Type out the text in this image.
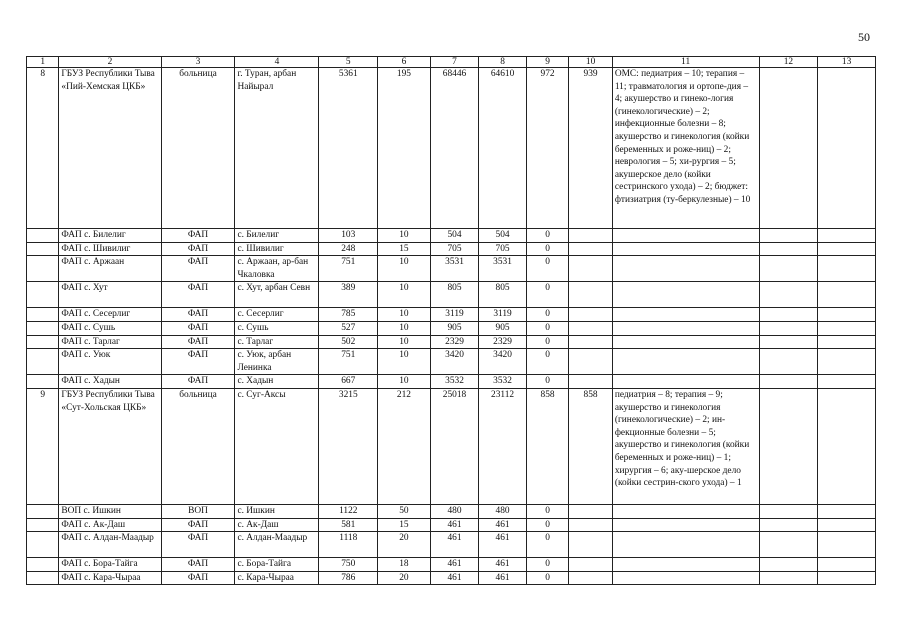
50
1	2	3	4	5	6	7	8	9	10	11	12	13
8	ГБУЗ Республики Тыва «Пий-Хемская ЦКБ»	больница	г. Туран, арбан Найырал	5361	195	68446	64610	972	939	ОМС: педиатрия – 10; терапия – 11; травматология и ортопе-дия – 4; акушерство и гинеко-логия (гинекологические) – 2; инфекционные болезни – 8; акушерство и гинекология (койки беременных и роже-ниц) – 2; неврология – 5; хи-рургия – 5; акушерское дело (койки сестринского ухода) – 2; бюджет: фтизиатрия (ту-беркулезные) – 10		
	ФАП с. Билелиг	ФАП	с. Билелиг	103	10	504	504	0				
	ФАП с. Шивилиг	ФАП	с. Шивилиг	248	15	705	705	0				
	ФАП с. Аржаан	ФАП	с. Аржаан, ар-бан Чкаловка	751	10	3531	3531	0				
	ФАП с. Хут	ФАП	с. Хут, арбан Севн	389	10	805	805	0				
	ФАП с. Сесерлиг	ФАП	с. Сесерлиг	785	10	3119	3119	0				
	ФАП с. Сушь	ФАП	с. Сушь	527	10	905	905	0				
	ФАП с. Тарлаг	ФАП	с. Тарлаг	502	10	2329	2329	0				
	ФАП с. Уюк	ФАП	с. Уюк, арбан Ленинка	751	10	3420	3420	0				
	ФАП с. Хадын	ФАП	с. Хадын	667	10	3532	3532	0				
9	ГБУЗ Республики Тыва «Сут-Хольская ЦКБ»	больница	с. Суг-Аксы	3215	212	25018	23112	858	858	педиатрия – 8; терапия – 9; акушерство и гинекология (гинекологические) – 2; ин-фекционные болезни – 5; акушерство и гинекология (койки беременных и роже-ниц) – 1; хирургия – 6; аку-шерское дело (койки сестрин-ского ухода) – 1		
	ВОП с. Ишкин	ВОП	с. Ишкин	1122	50	480	480	0				
	ФАП с. Ак-Даш	ФАП	с. Ак-Даш	581	15	461	461	0				
	ФАП с. Алдан-Маадыр	ФАП	с. Алдан-Маадыр	1118	20	461	461	0				
	ФАП с. Бора-Тайга	ФАП	с. Бора-Тайга	750	18	461	461	0				
	ФАП с. Кара-Чыраа	ФАП	с. Кара-Чыраа	786	20	461	461	0				
